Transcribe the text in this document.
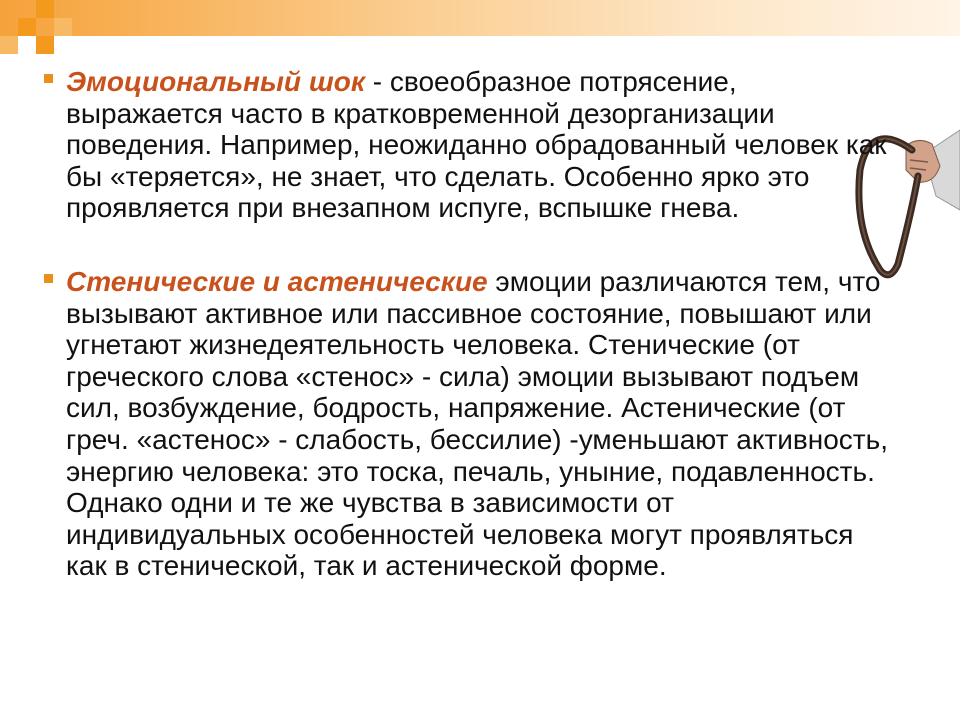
Эмоциональный шок - своеобразное потрясение, выражается часто в кратковременной дезорганизации поведения. Например, неожиданно обрадованный человек как бы «теряется», не знает, что сделать. Особенно ярко это проявляется при внезапном испуге, вспышке гнева.
Стенические и астенические эмоции различаются тем, что вызывают активное или пассивное состояние, повышают или угнетают жизнедеятельность человека. Стенические (от греческого слова «стенос» - сила) эмоции вызывают подъем сил, возбуждение, бодрость, напряжение. Астенические (от греч. «астенос» - слабость, бессилие) -уменьшают активность, энергию человека: это тоска, печаль, уныние, подавленность. Однако одни и те же чувства в зависимости от индивидуальных особенностей человека могут проявляться как в стенической, так и астенической форме.
